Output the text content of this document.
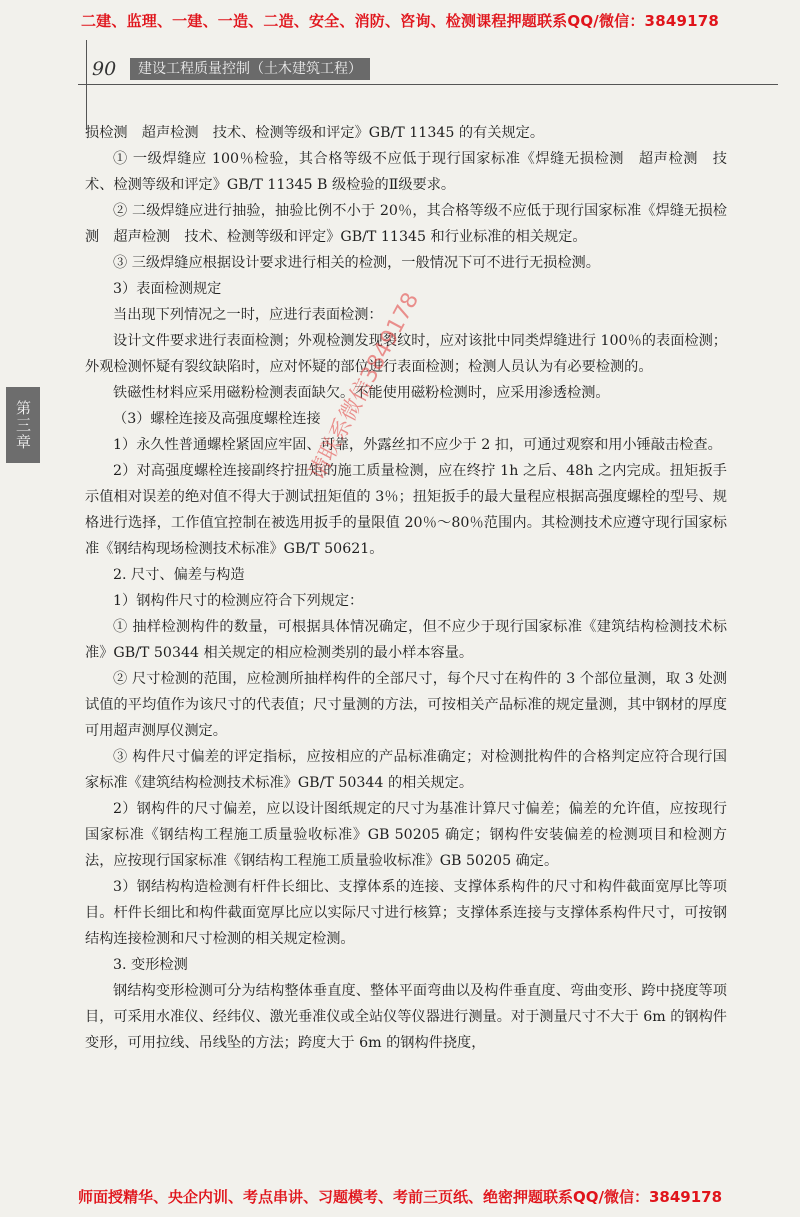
二建、监理、一建、一造、二造、安全、消防、咨询、检测课程押题联系QQ/微信：3849178
90	建设工程质量控制（土木建筑工程）
第三章

损检测　超声检测　技术、检测等级和评定》GB/T 11345 的有关规定。

① 一级焊缝应 100％检验，其合格等级不应低于现行国家标准《焊缝无损检测　超声检测　技术、检测等级和评定》GB/T 11345 B 级检验的Ⅱ级要求。

② 二级焊缝应进行抽验，抽验比例不小于 20％，其合格等级不应低于现行国家标准《焊缝无损检测　超声检测　技术、检测等级和评定》GB/T 11345 和行业标准的相关规定。

③ 三级焊缝应根据设计要求进行相关的检测，一般情况下可不进行无损检测。

3）表面检测规定

当出现下列情况之一时，应进行表面检测：

设计文件要求进行表面检测；外观检测发现裂纹时，应对该批中同类焊缝进行 100％的表面检测；外观检测怀疑有裂纹缺陷时，应对怀疑的部位进行表面检测；检测人员认为有必要检测的。

铁磁性材料应采用磁粉检测表面缺欠。不能使用磁粉检测时，应采用渗透检测。

（3）螺栓连接及高强度螺栓连接

1）永久性普通螺栓紧固应牢固、可靠，外露丝扣不应少于 2 扣，可通过观察和用小锤敲击检查。

2）对高强度螺栓连接副终拧扭矩的施工质量检测，应在终拧 1h 之后、48h 之内完成。扭矩扳手示值相对误差的绝对值不得大于测试扭矩值的 3％；扭矩扳手的最大量程应根据高强度螺栓的型号、规格进行选择，工作值宜控制在被选用扳手的量限值 20％～80％范围内。其检测技术应遵守现行国家标准《钢结构现场检测技术标准》GB/T 50621。

2. 尺寸、偏差与构造

1）钢构件尺寸的检测应符合下列规定：

① 抽样检测构件的数量，可根据具体情况确定，但不应少于现行国家标准《建筑结构检测技术标准》GB/T 50344 相关规定的相应检测类别的最小样本容量。

② 尺寸检测的范围，应检测所抽样构件的全部尺寸，每个尺寸在构件的 3 个部位量测，取 3 处测试值的平均值作为该尺寸的代表值；尺寸量测的方法，可按相关产品标准的规定量测，其中钢材的厚度可用超声测厚仪测定。

③ 构件尺寸偏差的评定指标，应按相应的产品标准确定；对检测批构件的合格判定应符合现行国家标准《建筑结构检测技术标准》GB/T 50344 的相关规定。

2）钢构件的尺寸偏差，应以设计图纸规定的尺寸为基准计算尺寸偏差；偏差的允许值，应按现行国家标准《钢结构工程施工质量验收标准》GB 50205 确定；钢构件安装偏差的检测项目和检测方法，应按现行国家标准《钢结构工程施工质量验收标准》GB 50205 确定。

3）钢结构构造检测有杆件长细比、支撑体系的连接、支撑体系构件的尺寸和构件截面宽厚比等项目。杆件长细比和构件截面宽厚比应以实际尺寸进行核算；支撑体系连接与支撑体系构件尺寸，可按钢结构连接检测和尺寸检测的相关规定检测。

3. 变形检测

钢结构变形检测可分为结构整体垂直度、整体平面弯曲以及构件垂直度、弯曲变形、跨中挠度等项目，可采用水准仪、经纬仪、激光垂准仪或全站仪等仪器进行测量。对于测量尺寸不大于 6m 的钢构件变形，可用拉线、吊线坠的方法；跨度大于 6m 的钢构件挠度，

请联系微信3849178
师面授精华、央企内训、考点串讲、习题模考、考前三页纸、绝密押题联系QQ/微信：3849178
